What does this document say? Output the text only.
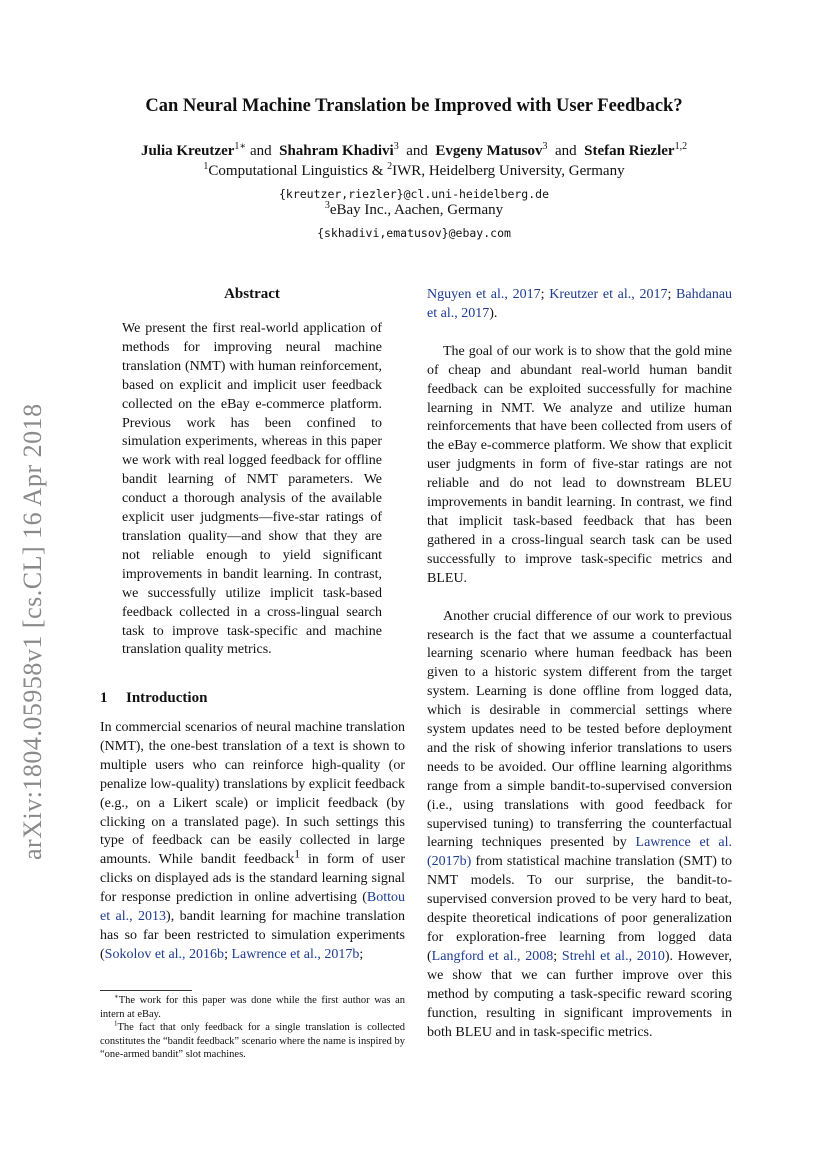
arXiv:1804.05958v1 [cs.CL] 16 Apr 2018
Can Neural Machine Translation be Improved with User Feedback?
Julia Kreutzer$^{1∗}$ and Shahram Khadivi$^3$ and Evgeny Matusov$^3$ and Stefan Riezler$^{1,2}$
$^1$Computational Linguistics & $^2$IWR, Heidelberg University, Germany
{kreutzer,riezler}@cl.uni-heidelberg.de
$^3$eBay Inc., Aachen, Germany
{skhadivi,ematusov}@ebay.com
Abstract

We present the first real-world application of methods for improving neural machine translation (NMT) with human reinforcement, based on explicit and implicit user feedback collected on the eBay e-commerce platform. Previous work has been confined to simulation experiments, whereas in this paper we work with real logged feedback for offline bandit learning of NMT parameters. We conduct a thorough analysis of the available explicit user judgments—five-star ratings of translation quality—and show that they are not reliable enough to yield significant improvements in bandit learning. In contrast, we successfully utilize implicit task-based feedback collected in a cross-lingual search task to improve task-specific and machine translation quality metrics.

1 Introduction

In commercial scenarios of neural machine translation (NMT), the one-best translation of a text is shown to multiple users who can reinforce high-quality (or penalize low-quality) translations by explicit feedback (e.g., on a Likert scale) or implicit feedback (by clicking on a translated page). In such settings this type of feedback can be easily collected in large amounts. While bandit feedback$^1$ in form of user clicks on displayed ads is the standard learning signal for response prediction in online advertising (Bottou et al., 2013), bandit learning for machine translation has so far been restricted to simulation experiments (Sokolov et al., 2016b; Lawrence et al., 2017b;

∗The work for this paper was done while the first author was an intern at eBay.

$^1$The fact that only feedback for a single translation is collected constitutes the “bandit feedback” scenario where the name is inspired by “one-armed bandit” slot machines.

Nguyen et al., 2017; Kreutzer et al., 2017; Bahdanau et al., 2017).

The goal of our work is to show that the gold mine of cheap and abundant real-world human bandit feedback can be exploited successfully for machine learning in NMT. We analyze and utilize human reinforcements that have been collected from users of the eBay e-commerce platform. We show that explicit user judgments in form of five-star ratings are not reliable and do not lead to downstream BLEU improvements in bandit learning. In contrast, we find that implicit task-based feedback that has been gathered in a cross-lingual search task can be used successfully to improve task-specific metrics and BLEU.

Another crucial difference of our work to previous research is the fact that we assume a counterfactual learning scenario where human feedback has been given to a historic system different from the target system. Learning is done offline from logged data, which is desirable in commercial settings where system updates need to be tested before deployment and the risk of showing inferior translations to users needs to be avoided. Our offline learning algorithms range from a simple bandit-to-supervised conversion (i.e., using translations with good feedback for supervised tuning) to transferring the counterfactual learning techniques presented by Lawrence et al. (2017b) from statistical machine translation (SMT) to NMT models. To our surprise, the bandit-to-supervised conversion proved to be very hard to beat, despite theoretical indications of poor generalization for exploration-free learning from logged data (Langford et al., 2008; Strehl et al., 2010). However, we show that we can further improve over this method by computing a task-specific reward scoring function, resulting in significant improvements in both BLEU and in task-specific metrics.
